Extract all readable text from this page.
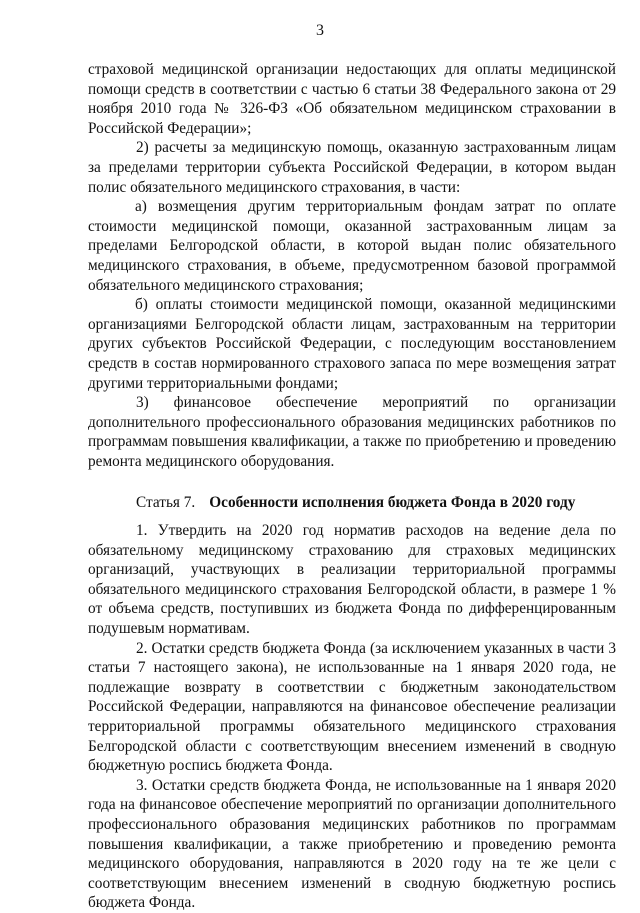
3

страховой медицинской организации недостающих для оплаты медицинской помощи средств в соответствии с частью 6 статьи 38 Федерального закона от 29 ноября 2010 года № 326-ФЗ «Об обязательном медицинском страховании в Российской Федерации»;

2) расчеты за медицинскую помощь, оказанную застрахованным лицам за пределами территории субъекта Российской Федерации, в котором выдан полис обязательного медицинского страхования, в части:

а) возмещения другим территориальным фондам затрат по оплате стоимости медицинской помощи, оказанной застрахованным лицам за пределами Белгородской области, в которой выдан полис обязательного медицинского страхования, в объеме, предусмотренном базовой программой обязательного медицинского страхования;

б) оплаты стоимости медицинской помощи, оказанной медицинскими организациями Белгородской области лицам, застрахованным на территории других субъектов Российской Федерации, с последующим восстановлением средств в состав нормированного страхового запаса по мере возмещения затрат другими территориальными фондами;

3) финансовое обеспечение мероприятий по организации дополнительного профессионального образования медицинских работников по программам повышения квалификации, а также по приобретению и проведению ремонта медицинского оборудования.

Статья 7. Особенности исполнения бюджета Фонда в 2020 году

1. Утвердить на 2020 год норматив расходов на ведение дела по обязательному медицинскому страхованию для страховых медицинских организаций, участвующих в реализации территориальной программы обязательного медицинского страхования Белгородской области, в размере 1 % от объема средств, поступивших из бюджета Фонда по дифференцированным подушевым нормативам.

2. Остатки средств бюджета Фонда (за исключением указанных в части 3 статьи 7 настоящего закона), не использованные на 1 января 2020 года, не подлежащие возврату в соответствии с бюджетным законодательством Российской Федерации, направляются на финансовое обеспечение реализации территориальной программы обязательного медицинского страхования Белгородской области с соответствующим внесением изменений в сводную бюджетную роспись бюджета Фонда.

3. Остатки средств бюджета Фонда, не использованные на 1 января 2020 года на финансовое обеспечение мероприятий по организации дополнительного профессионального образования медицинских работников по программам повышения квалификации, а также приобретению и проведению ремонта медицинского оборудования, направляются в 2020 году на те же цели с соответствующим внесением изменений в сводную бюджетную роспись бюджета Фонда.
